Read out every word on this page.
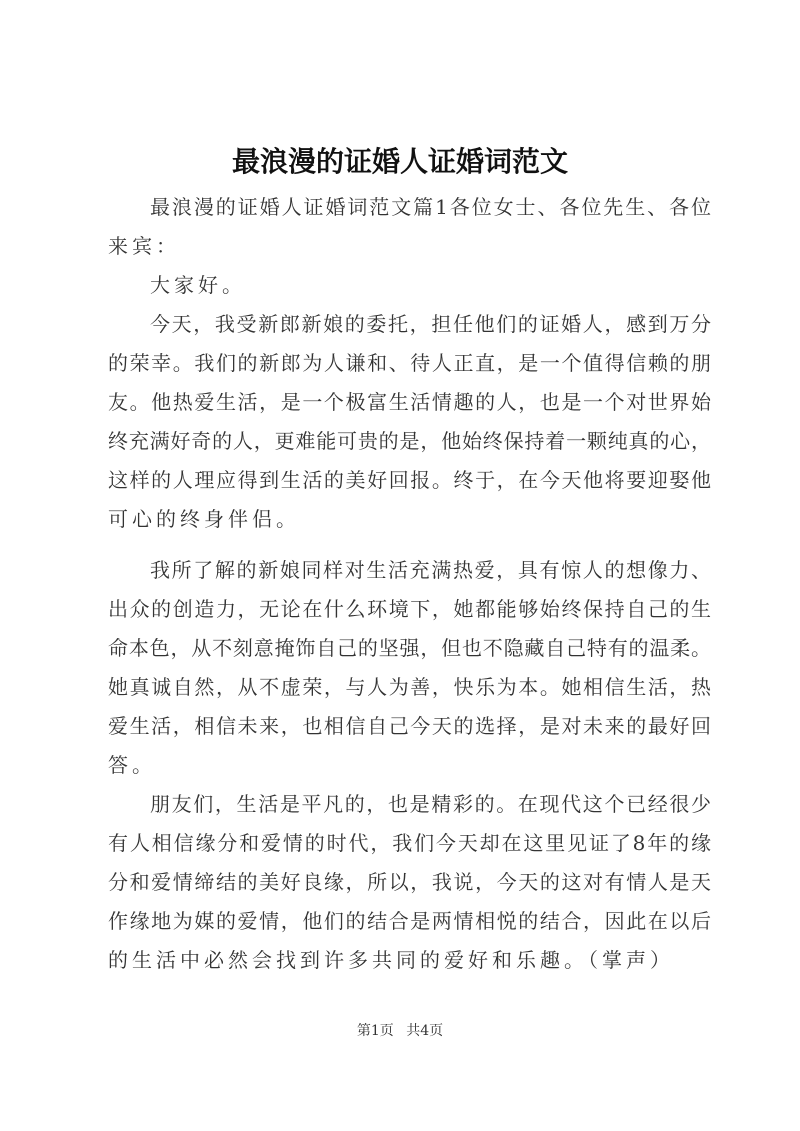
最浪漫的证婚人证婚词范文
最浪漫的证婚人证婚词范文篇1各位女士、各位先生、各位
来宾：
大家好。
今天，我受新郎新娘的委托，担任他们的证婚人，感到万分
的荣幸。我们的新郎为人谦和、待人正直，是一个值得信赖的朋
友。他热爱生活，是一个极富生活情趣的人，也是一个对世界始
终充满好奇的人，更难能可贵的是，他始终保持着一颗纯真的心，
这样的人理应得到生活的美好回报。终于，在今天他将要迎娶他
可心的终身伴侣。
我所了解的新娘同样对生活充满热爱，具有惊人的想像力、
出众的创造力，无论在什么环境下，她都能够始终保持自己的生
命本色，从不刻意掩饰自己的坚强，但也不隐藏自己特有的温柔。
她真诚自然，从不虚荣，与人为善，快乐为本。她相信生活，热
爱生活，相信未来，也相信自己今天的选择，是对未来的最好回
答。
朋友们，生活是平凡的，也是精彩的。在现代这个已经很少
有人相信缘分和爱情的时代，我们今天却在这里见证了8年的缘
分和爱情缔结的美好良缘，所以，我说，今天的这对有情人是天
作缘地为媒的爱情，他们的结合是两情相悦的结合，因此在以后
的生活中必然会找到许多共同的爱好和乐趣。（掌声）
第1页 共4页
